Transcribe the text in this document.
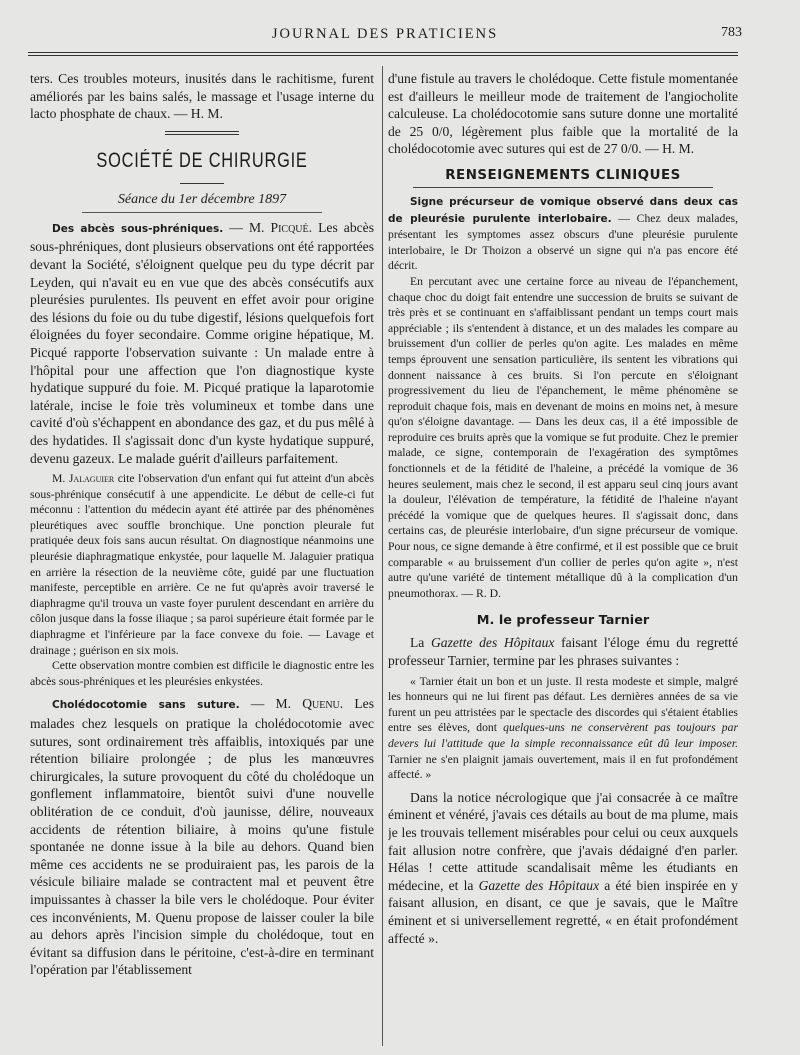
JOURNAL DES PRATICIENS	783

ters. Ces troubles moteurs, inusités dans le rachitisme, furent améliorés par les bains salés, le massage et l'usage interne du lacto phosphate de chaux. — H. M.

SOCIÉTÉ DE CHIRURGIE
Séance du 1er décembre 1897

Des abcès sous-phréniques. — M. Picqué. Les abcès sous-phréniques, dont plusieurs observations ont été rapportées devant la Société, s'éloignent quelque peu du type décrit par Leyden, qui n'avait eu en vue que des abcès consécutifs aux pleurésies purulentes. Ils peuvent en effet avoir pour origine des lésions du foie ou du tube digestif, lésions quelquefois fort éloignées du foyer secondaire. Comme origine hépatique, M. Picqué rapporte l'observation suivante : Un malade entre à l'hôpital pour une affection que l'on diagnostique kyste hydatique suppuré du foie. M. Picqué pratique la laparotomie latérale, incise le foie très volumineux et tombe dans une cavité d'où s'échappent en abondance des gaz, et du pus mêlé à des hydatides. Il s'agissait donc d'un kyste hydatique suppuré, devenu gazeux. Le malade guérit d'ailleurs parfaitement.

M. Jalaguier cite l'observation d'un enfant qui fut atteint d'un abcès sous-phrénique consécutif à une appendicite. Le début de celle-ci fut méconnu : l'attention du médecin ayant été attirée par des phénomènes pleurétiques avec souffle bronchique. Une ponction pleurale fut pratiquée deux fois sans aucun résultat. On diagnostique néanmoins une pleurésie diaphragmatique enkystée, pour laquelle M. Jalaguier pratiqua en arrière la résection de la neuvième côte, guidé par une fluctuation manifeste, perceptible en arrière. Ce ne fut qu'après avoir traversé le diaphragme qu'il trouva un vaste foyer purulent descendant en arrière du côlon jusque dans la fosse iliaque ; sa paroi supérieure était formée par le diaphragme et l'inférieure par la face convexe du foie. — Lavage et drainage ; guérison en six mois.

Cette observation montre combien est difficile le diagnostic entre les abcès sous-phréniques et les pleurésies enkystées.

Cholédocotomie sans suture. — M. Quenu. Les malades chez lesquels on pratique la cholédocotomie avec sutures, sont ordinairement très affaiblis, intoxiqués par une rétention biliaire prolongée ; de plus les manœuvres chirurgicales, la suture provoquent du côté du cholédoque un gonflement inflammatoire, bientôt suivi d'une nouvelle oblitération de ce conduit, d'où jaunisse, délire, nouveaux accidents de rétention biliaire, à moins qu'une fistule spontanée ne donne issue à la bile au dehors. Quand bien même ces accidents ne se produiraient pas, les parois de la vésicule biliaire malade se contractent mal et peuvent être impuissantes à chasser la bile vers le cholédoque. Pour éviter ces inconvénients, M. Quenu propose de laisser couler la bile au dehors après l'incision simple du cholédoque, tout en évitant sa diffusion dans le péritoine, c'est-à-dire en terminant l'opération par l'établissement

d'une fistule au travers le cholédoque. Cette fistule momentanée est d'ailleurs le meilleur mode de traitement de l'angiocholite calculeuse. La cholédocotomie sans suture donne une mortalité de 25 0/0, légèrement plus faible que la mortalité de la cholédocotomie avec sutures qui est de 27 0/0. — H. M.

RENSEIGNEMENTS CLINIQUES

Signe précurseur de vomique observé dans deux cas de pleurésie purulente interlobaire. — Chez deux malades, présentant les symptomes assez obscurs d'une pleurésie purulente interlobaire, le Dr Thoizon a observé un signe qui n'a pas encore été décrit.

En percutant avec une certaine force au niveau de l'épanchement, chaque choc du doigt fait entendre une succession de bruits se suivant de très près et se continuant en s'affaiblissant pendant un temps court mais appréciable ; ils s'entendent à distance, et un des malades les compare au bruissement d'un collier de perles qu'on agite. Les malades en même temps éprouvent une sensation particulière, ils sentent les vibrations qui donnent naissance à ces bruits. Si l'on percute en s'éloignant progressivement du lieu de l'épanchement, le même phénomène se reproduit chaque fois, mais en devenant de moins en moins net, à mesure qu'on s'éloigne davantage. — Dans les deux cas, il a été impossible de reproduire ces bruits après que la vomique se fut produite. Chez le premier malade, ce signe, contemporain de l'exagération des symptômes fonctionnels et de la fétidité de l'haleine, a précédé la vomique de 36 heures seulement, mais chez le second, il est apparu seul cinq jours avant la douleur, l'élévation de température, la fétidité de l'haleine n'ayant précédé la vomique que de quelques heures. Il s'agissait donc, dans certains cas, de pleurésie interlobaire, d'un signe précurseur de vomique. Pour nous, ce signe demande à être confirmé, et il est possible que ce bruit comparable « au bruissement d'un collier de perles qu'on agite », n'est autre qu'une variété de tintement métallique dû à la complication d'un pneumothorax. — R. D.

M. le professeur Tarnier

La Gazette des Hôpitaux faisant l'éloge ému du regretté professeur Tarnier, termine par les phrases suivantes :

« Tarnier était un bon et un juste. Il resta modeste et simple, malgré les honneurs qui ne lui firent pas défaut. Les dernières années de sa vie furent un peu attristées par le spectacle des discordes qui s'étaient établies entre ses élèves, dont quelques-uns ne conservèrent pas toujours par devers lui l'attitude que la simple reconnaissance eût dû leur imposer. Tarnier ne s'en plaignit jamais ouvertement, mais il en fut profondément affecté. »

Dans la notice nécrologique que j'ai consacrée à ce maître éminent et vénéré, j'avais ces détails au bout de ma plume, mais je les trouvais tellement misérables pour celui ou ceux auxquels fait allusion notre confrère, que j'avais dédaigné d'en parler. Hélas ! cette attitude scandalisait même les étudiants en médecine, et la Gazette des Hôpitaux a été bien inspirée en y faisant allusion, en disant, ce que je savais, que le Maître éminent et si universellement regretté, « en était profondément affecté ».
